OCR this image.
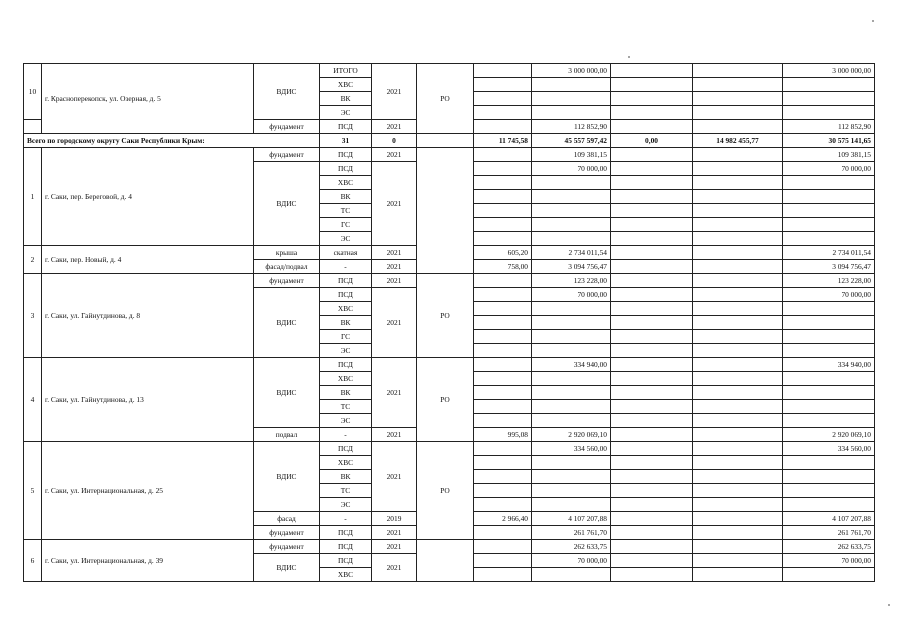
10	г. Красноперекопск, ул. Озерная, д. 5	ВДИС	ИТОГО	2021	РО		3 000 000,00			3 000 000,00
			ХВС							
			ВК							
			ЭС							
		фундамент	ПСД	2021			112 852,90			112 852,90
Всего по городскому округу Саки Республики Крым:			31	0		11 745,58	45 557 597,42	0,00	14 982 455,77	30 575 141,65
1	г. Саки, пер. Береговой, д. 4	фундамент	ПСД	2021			109 381,15			109 381,15
		ВДИС	ПСД	2021			70 000,00			70 000,00
			ХВС							
			ВК							
			ТС							
			ГС							
			ЭС							
2	г. Саки, пер. Новый, д. 4	крыша	скатная	2021		605,20	2 734 011,54			2 734 011,54
		фасад/подвал	-	2021		758,00	3 094 756,47			3 094 756,47
3	г. Саки, ул. Гайнутдинова, д. 8	фундамент	ПСД	2021	РО		123 228,00			123 228,00
		ВДИС	ПСД	2021			70 000,00			70 000,00
			ХВС							
			ВК							
			ГС							
			ЭС							
4	г. Саки, ул. Гайнутдинова, д. 13	ВДИС	ПСД	2021	РО		334 940,00			334 940,00
			ХВС							
			ВК							
			ТС							
			ЭС							
		подвал	-	2021		995,08	2 920 069,10			2 920 069,10
5	г. Саки, ул. Интернациональная, д. 25	ВДИС	ПСД	2021	РО		334 560,00			334 560,00
			ХВС							
			ВК							
			ТС							
			ЭС							
		фасад	-	2019		2 966,40	4 107 207,88			4 107 207,88
		фундамент	ПСД	2021			261 761,70			261 761,70
6	г. Саки, ул. Интернациональная, д. 39	фундамент	ПСД	2021			262 633,75			262 633,75
		ВДИС	ПСД	2021			70 000,00			70 000,00
			ХВС							
